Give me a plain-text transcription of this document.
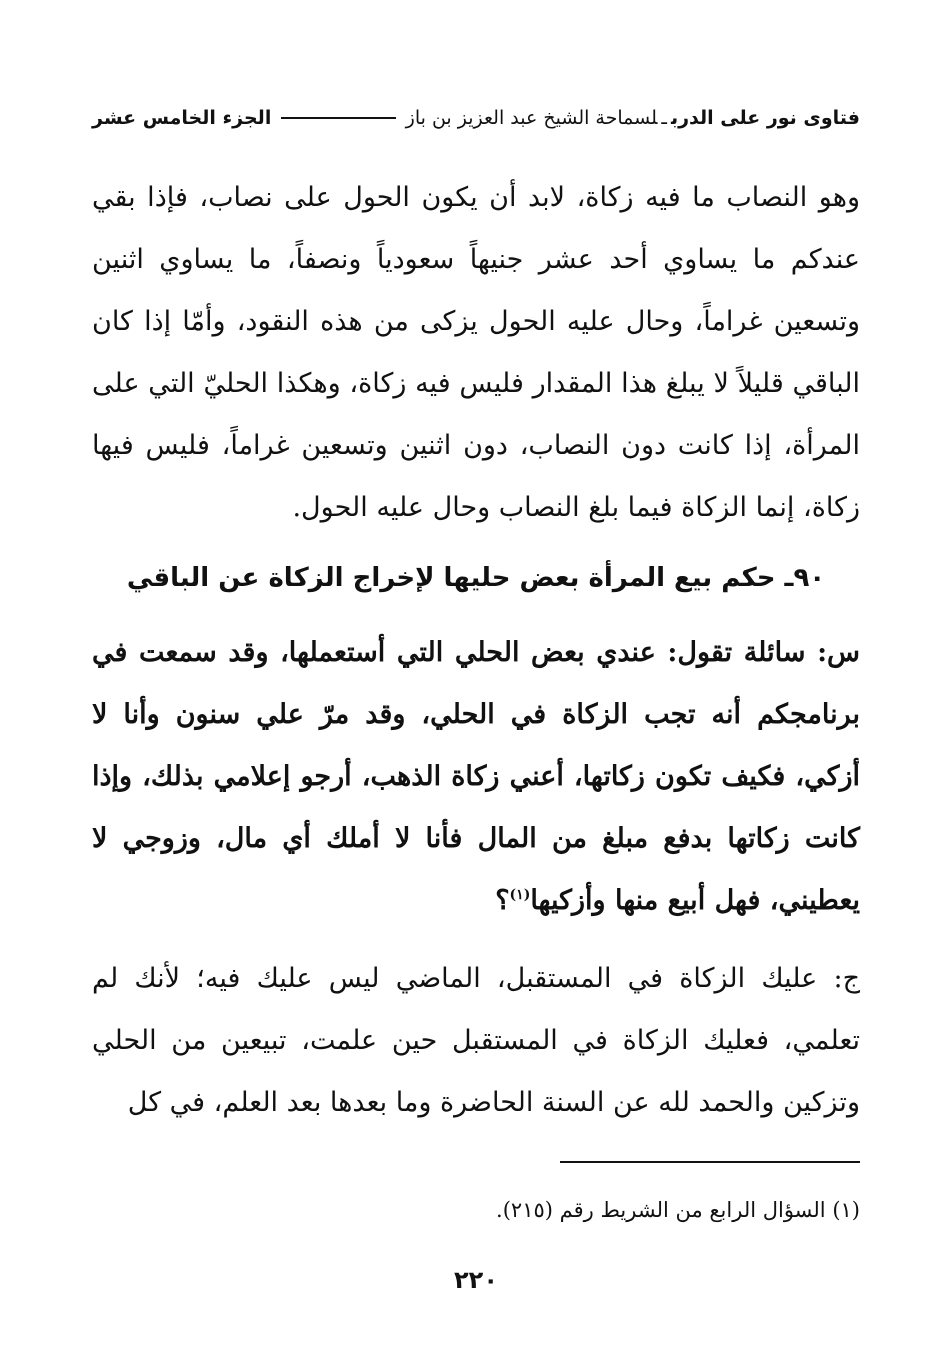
فتاوى نور على الدربـلسماحة الشيخ عبد العزيز بن باز
الجزء الخامس عشر

وهو النصاب ما فيه زكاة، لابد أن يكون الحول على نصاب، فإذا بقي عندكم ما يساوي أحد عشر جنيهاً سعودياً ونصفاً، ما يساوي اثنين وتسعين غراماً، وحال عليه الحول يزكى من هذه النقود، وأمّا إذا كان الباقي قليلاً لا يبلغ هذا المقدار فليس فيه زكاة، وهكذا الحليّ التي على المرأة، إذا كانت دون النصاب، دون اثنين وتسعين غراماً، فليس فيها زكاة، إنما الزكاة فيما بلغ النصاب وحال عليه الحول.

٩٠ـ حكم بيع المرأة بعض حليها لإخراج الزكاة عن الباقي

س: سائلة تقول: عندي بعض الحلي التي أستعملها، وقد سمعت في برنامجكم أنه تجب الزكاة في الحلي، وقد مرّ علي سنون وأنا لا أزكي، فكيف تكون زكاتها، أعني زكاة الذهب، أرجو إعلامي بذلك، وإذا كانت زكاتها بدفع مبلغ من المال فأنا لا أملك أي مال، وزوجي لا يعطيني، فهل أبيع منها وأزكيها$^{(١)}$؟

ج: عليك الزكاة في المستقبل، الماضي ليس عليك فيه؛ لأنك لم تعلمي، فعليك الزكاة في المستقبل حين علمت، تبيعين من الحلي وتزكين والحمد لله عن السنة الحاضرة وما بعدها بعد العلم، في كل

(١) السؤال الرابع من الشريط رقم (٢١٥).

٢٢٠
